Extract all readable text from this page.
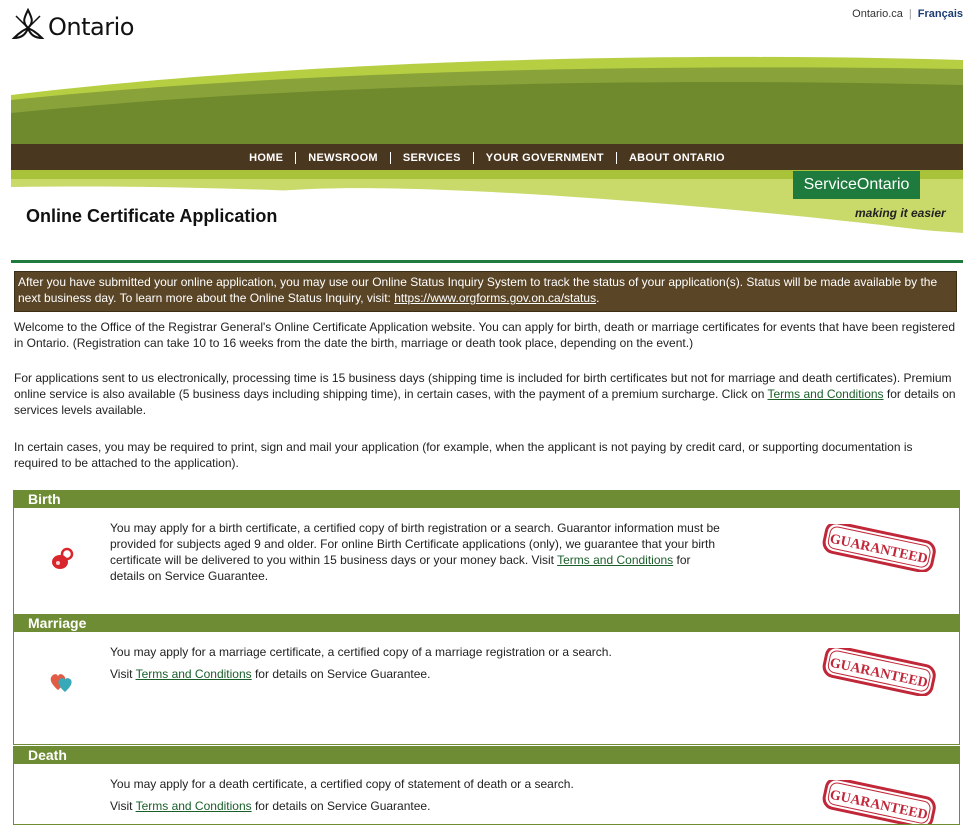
Ontario	Ontario.ca | Français
HOME	NEWSROOM	SERVICES	YOUR GOVERNMENT	ABOUT ONTARIO
ServiceOntario
making it easier
Online Certificate Application
After you have submitted your online application, you may use our Online Status Inquiry System to track the status of your application(s). Status will be made available by the next business day. To learn more about the Online Status Inquiry, visit: https://www.orgforms.gov.on.ca/status.
Welcome to the Office of the Registrar General's Online Certificate Application website. You can apply for birth, death or marriage certificates for events that have been registered in Ontario. (Registration can take 10 to 16 weeks from the date the birth, marriage or death took place, depending on the event.)
For applications sent to us electronically, processing time is 15 business days (shipping time is included for birth certificates but not for marriage and death certificates). Premium online service is also available (5 business days including shipping time), in certain cases, with the payment of a premium surcharge. Click on Terms and Conditions for details on services levels available.
In certain cases, you may be required to print, sign and mail your application (for example, when the applicant is not paying by credit card, or supporting documentation is required to be attached to the application).
Birth
You may apply for a birth certificate, a certified copy of birth registration or a search. Guarantor information must be provided for subjects aged 9 and older. For online Birth Certificate applications (only), we guarantee that your birth certificate will be delivered to you within 15 business days or your money back. Visit Terms and Conditions for details on Service Guarantee.
GUARANTEED
Marriage
You may apply for a marriage certificate, a certified copy of a marriage registration or a search.
Visit Terms and Conditions for details on Service Guarantee.	GUARANTEED
Death
You may apply for a death certificate, a certified copy of statement of death or a search.
Visit Terms and Conditions for details on Service Guarantee.	GUARANTEED
